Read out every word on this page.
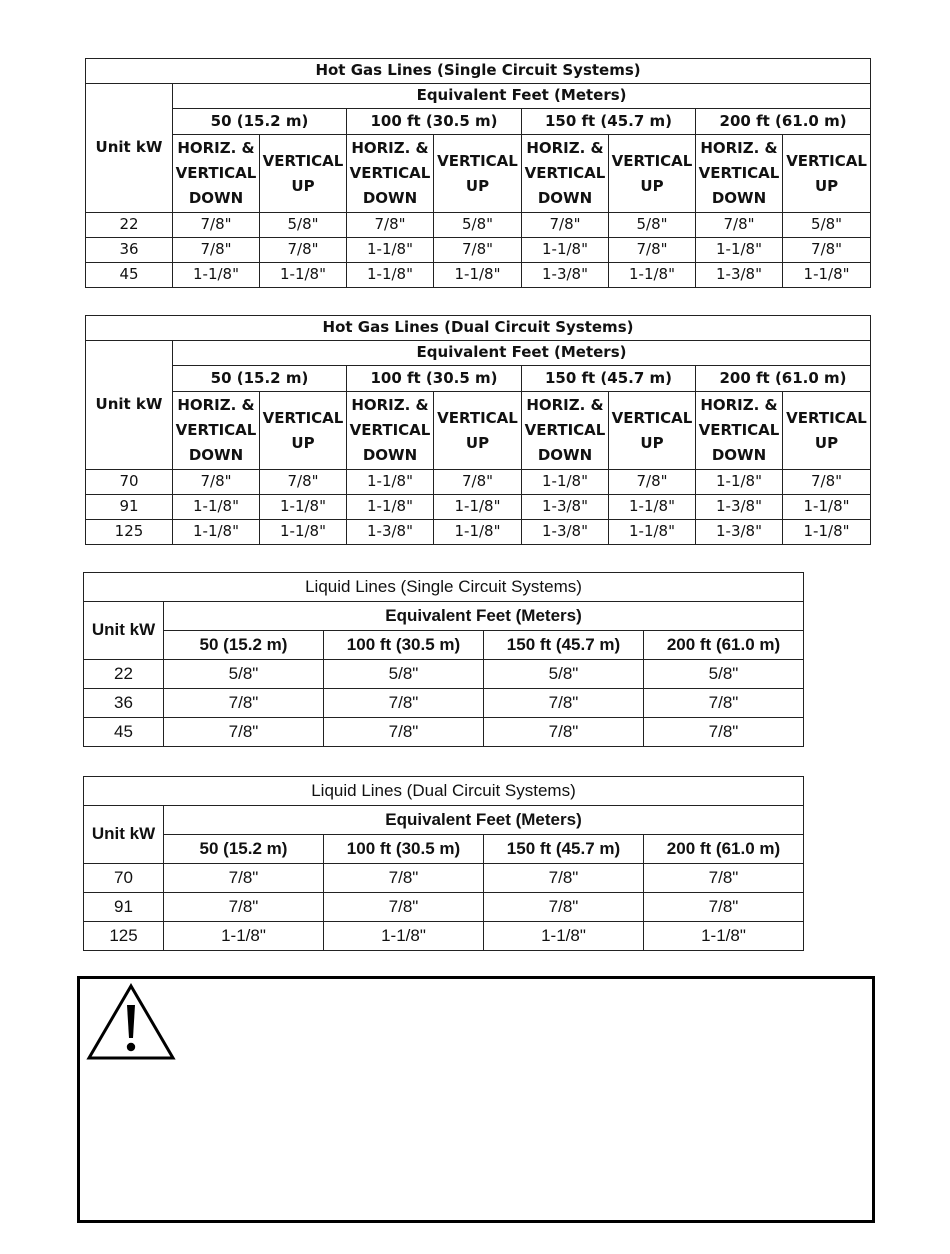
Hot Gas Lines (Single Circuit Systems)								
Unit kW	Equivalent Feet (Meters)							
	50 (15.2 m)		100 ft (30.5 m)		150 ft (45.7 m)		200 ft (61.0 m)	
	HORIZ. & VERTICAL DOWN	VERTICAL UP	HORIZ. & VERTICAL DOWN	VERTICAL UP	HORIZ. & VERTICAL DOWN	VERTICAL UP	HORIZ. & VERTICAL DOWN	VERTICAL UP
22	7/8"	5/8"	7/8"	5/8"	7/8"	5/8"	7/8"	5/8"
36	7/8"	7/8"	1-1/8"	7/8"	1-1/8"	7/8"	1-1/8"	7/8"
45	1-1/8"	1-1/8"	1-1/8"	1-1/8"	1-3/8"	1-1/8"	1-3/8"	1-1/8"
Hot Gas Lines (Dual Circuit Systems)								
Unit kW	Equivalent Feet (Meters)							
	50 (15.2 m)		100 ft (30.5 m)		150 ft (45.7 m)		200 ft (61.0 m)	
	HORIZ. & VERTICAL DOWN	VERTICAL UP	HORIZ. & VERTICAL DOWN	VERTICAL UP	HORIZ. & VERTICAL DOWN	VERTICAL UP	HORIZ. & VERTICAL DOWN	VERTICAL UP
70	7/8"	7/8"	1-1/8"	7/8"	1-1/8"	7/8"	1-1/8"	7/8"
91	1-1/8"	1-1/8"	1-1/8"	1-1/8"	1-3/8"	1-1/8"	1-3/8"	1-1/8"
125	1-1/8"	1-1/8"	1-3/8"	1-1/8"	1-3/8"	1-1/8"	1-3/8"	1-1/8"
Liquid Lines (Single Circuit Systems)				
Unit kW	Equivalent Feet (Meters)			
	50 (15.2 m)	100 ft (30.5 m)	150 ft (45.7 m)	200 ft (61.0 m)
22	5/8"	5/8"	5/8"	5/8"
36	7/8"	7/8"	7/8"	7/8"
45	7/8"	7/8"	7/8"	7/8"
Liquid Lines (Dual Circuit Systems)				
Unit kW	Equivalent Feet (Meters)			
	50 (15.2 m)	100 ft (30.5 m)	150 ft (45.7 m)	200 ft (61.0 m)
70	7/8"	7/8"	7/8"	7/8"
91	7/8"	7/8"	7/8"	7/8"
125	1-1/8"	1-1/8"	1-1/8"	1-1/8"
